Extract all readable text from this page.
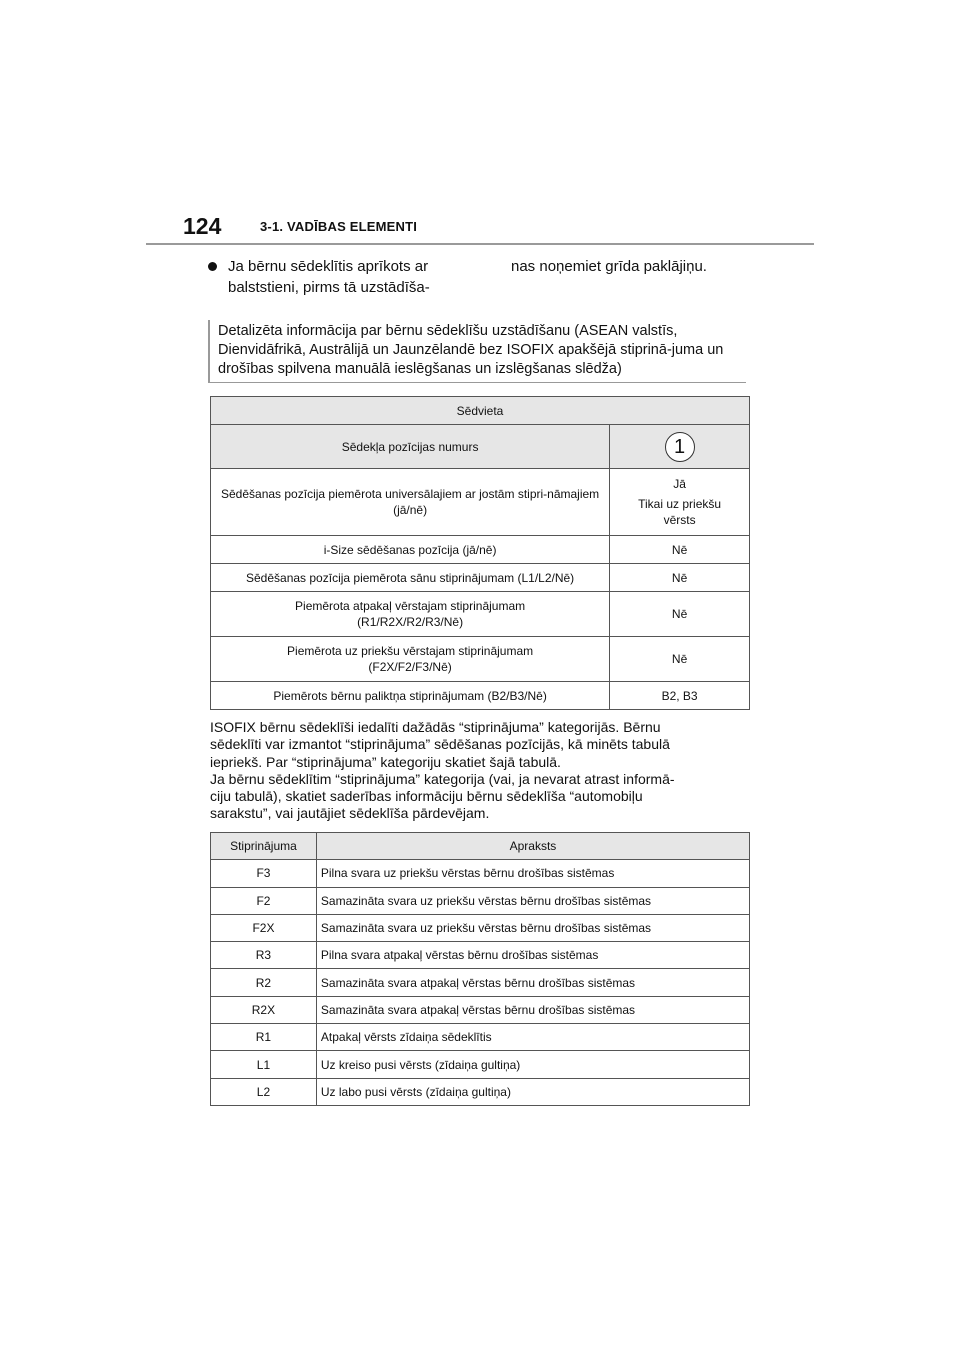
124	3-1. VADĪBAS ELEMENTI
Ja bērnu sēdeklītis aprīkots ar balststieni, pirms tā uzstādīša-
nas noņemiet grīda paklājiņu.
Detalizēta informācija par bērnu sēdeklīšu uzstādīšanu (ASEAN valstīs, Dienvidāfrikā, Austrālijā un Jaunzēlandē bez ISOFIX apakšējā stiprinā-juma un drošības spilvena manuālā ieslēgšanas un izslēgšanas slēdža)
Sēdvieta	
Sēdekļa pozīcijas numurs	1
Sēdēšanas pozīcija piemērota universālajiem ar jostām stipri-nāmajiem (jā/nē)	Jā
Tikai uz priekšu vērsts

i-Size sēdēšanas pozīcija (jā/nē)	Nē
Sēdēšanas pozīcija piemērota sānu stiprinājumam (L1/L2/Nē)	Nē

Piemērota atpakaļ vērstajam stiprinājumam
(R1/R2X/R2/R3/Nē)	Nē

Piemērota uz priekšu vērstajam stiprinājumam
(F2X/F2/F3/Nē)	Nē
Piemērots bērnu paliktņa stiprinājumam (B2/B3/Nē)	B2, B3
ISOFIX bērnu sēdeklīši iedalīti dažādās “stiprinājuma” kategorijās. Bērnu
sēdeklīti var izmantot “stiprinājuma” sēdēšanas pozīcijās, kā minēts tabulā
iepriekš. Par “stiprinājuma” kategoriju skatiet šajā tabulā.
Ja bērnu sēdeklītim “stiprinājuma” kategorija (vai, ja nevarat atrast informā-
ciju tabulā), skatiet saderības informāciju bērnu sēdeklīša “automobiļu
sarakstu”, vai jautājiet sēdeklīša pārdevējam.
Stiprinājuma	Apraksts
F3	Pilna svara uz priekšu vērstas bērnu drošības sistēmas
F2	Samazināta svara uz priekšu vērstas bērnu drošības sistēmas
F2X	Samazināta svara uz priekšu vērstas bērnu drošības sistēmas
R3	Pilna svara atpakaļ vērstas bērnu drošības sistēmas
R2	Samazināta svara atpakaļ vērstas bērnu drošības sistēmas
R2X	Samazināta svara atpakaļ vērstas bērnu drošības sistēmas
R1	Atpakaļ vērsts zīdaiņa sēdeklītis
L1	Uz kreiso pusi vērsts (zīdaiņa gultiņa)
L2	Uz labo pusi vērsts (zīdaiņa gultiņa)
